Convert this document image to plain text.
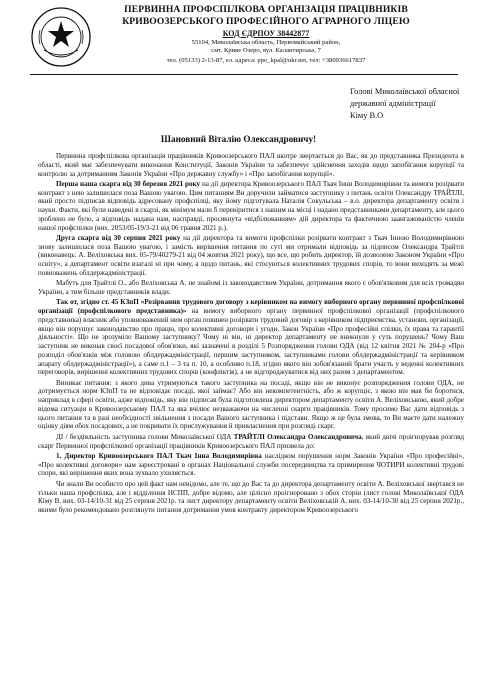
ПЕРВИННА ПРОФСПІЛКОВА ОРГАНІЗАЦІЯ ПРАЦІВНИКІВ
КРИВООЗЕРСЬКОГО ПРОФЕСІЙНОГО АГРАРНОГО ЛІЦЕЮ
КОД ЄДРПОУ 38442877
55104, Миколаївська область, Первомайський район,
смт. Криве Озеро, вул. Калантирська, 7
тел. (05133) 2-13-87, ел. адреса: ppo_kpal@ukr.net, тел: +380936617837
Голові Миколаївської обласної
державної адміністрації
Кіму В.О
Шановний Віталію Олександровичу!

Первинна профспілкова організація працівників Кривоозерського ПАЛ вкотре звертається до Вас, як до представника Президента в області, який має забезпечувати виконання Конституції, Законів України та забезпечує здійснення заходів щодо запобігання корупції та контролю за дотриманням Законів України «Про державну службу» і «Про запобігання корупції».

Перша наша скарга від 30 березня 2021 року на дії директора Кривоозерського ПАЛ Ткач Інни Володимирівни та вимоги розірвати контракт з нею залишилася поза Вашою увагою. Цим питанням Ви доручили займатися заступнику з питань освіти Олександру ТРАЙТЛІ, який просто підписав відповідь адресовану профспілці, яку йому підготувала Наталія Сокульська – в.о. директора департаменту освіти і науки. Факти, які були наведені в скарзі, як мінімум мали б перевіритися з нашим на місці і надано представниками департаменту, але цього зроблено не було, а відповідь надана нам, насправді, просякнута «відбілюванням» дій директора та фактичною заангажованістю членів нашої профспілки (вих. 2053/05-19/3-21 від 06 травня 2021 р.).

Друга скарга від 30 серпня 2021 року на дії директора та вимоги профспілки розірвати контракт з Ткач Інною Володимирівною знову залишилася поза Вашою увагою, і замість вирішення питання по суті ми отримали відповідь за підписом Олександра Трайтлі (виконавець: А. Веліховська вих. 05-79/40279-21 від 04 жовтня 2021 року), що все, що робить директор, їй дозволено Законом України «Про освіту», а департамент освіти взагалі ні при чому, а щодо питань, які стосуються колективних трудових спорів, то вони виходять за межі повноважень облдержадміністрації.

Мабуть для Трайтлі О., або Веліховська А. не знайомі із законодавством України, дотримання якого є обов'язковим для всіх громадян України, а тим більше представників влади.

Так от, згідно ст. 45 КЗпП «Розірвання трудового договору з керівником на вимогу виборного органу первинної профспілкової організації (профспілкового представника)» на вимогу виборного органу первинної профспілкової організації (профспілкового представника) власник або уповноважений ним орган повинен розірвати трудовий договір з керівником підприємства, установи, організації, якщо він порушує законодавство про працю, про колективні договори і угоди, Закон України «Про професійні спілки, їх права та гарантії діяльності». Що не зрозуміло Вашому заступнику? Чому ні він, ні директор департаменту не вникнули у суть порушень? Чому Ваш заступник не виконав своєї посадової обов'язки, які зазначені в розділі 5 Розпорядження голови ОДА (від 12 квітня 2021 № 204-р «Про розподіл обов'язків між головою облдержадміністрації, першим заступником, заступниками голови облдержадміністрації та керівником апарату облдержадміністрації»), а саме п.1 – 3 та п. 10, а особливо п.18, згідно якого він зобов'язаний брати участь у веденні колективних переговорів, вирішенні колективних трудових спорів (конфліктів), а не відгороджуватися від них разом з департаментом.

Виникає питання: з якого дива утримуються такого заступника на посаді, якщо він не виконує розпорядження голови ОДА, не дотримується норм КЗпП та не відповідає посаді, якої займає? Або він некомпетентність, або ж корупціє, з якою він мав би боротися, наприклад в сфері освіти, адже відповідь, яку він підписав була підготовлена директором департаменту освіти А. Веліховською, який добре відома ситуація в Кривоозерському ПАЛ та яка вчілює незважаючи на численні скарги працівників. Тому просимо Вас дати відповідь з цього питання та в разі необхідності звільнення з посади Вашого заступника і підстави. Якщо ж це була змова, то Ви маєте дати належну оцінку діям обох посадових, а не покривати їх прислужування й привласнення при розгляді скарг.

ДІ / бездіяльність заступника голови Миколаївської ОДА ТРАЙТЛІ Олександра Олександровича, який двічі проігнорував розгляд скарг Первинної профспілкової організації працівників Кривоозерського ПАЛ призвела до:

1. Директор Кривоозерського ПАЛ Ткач Інна Володимирівна наслідком порушення норм Законів України «Про професійні», «Про колективні договори» нам зареєстровані в органах Національної служби посередництва та примирення ЧОТИРИ колективні трудові спори, які вирішення яких вона зухвало ухиляється.

Чи знали Ви особисто про цей факт нам невідомо, але те, що до Вас та до директора департаменту освіти А. Веліховської звертався не тільки наша профспілка, але і відділення НСПП, добре відомо, але цілісно проігноровано з обох сторін (лист голові Миколаївської ОДА Кіму В. вих. 03-14/10-31 від 25 серпня 2021р. та лист директору департаменту освіти Веліховській А. вих. 03-14/10-30 від 25 серпня 2021р., якими було рекомендовано розглянути питання дотримання умов контракту директором Кривоозерського
